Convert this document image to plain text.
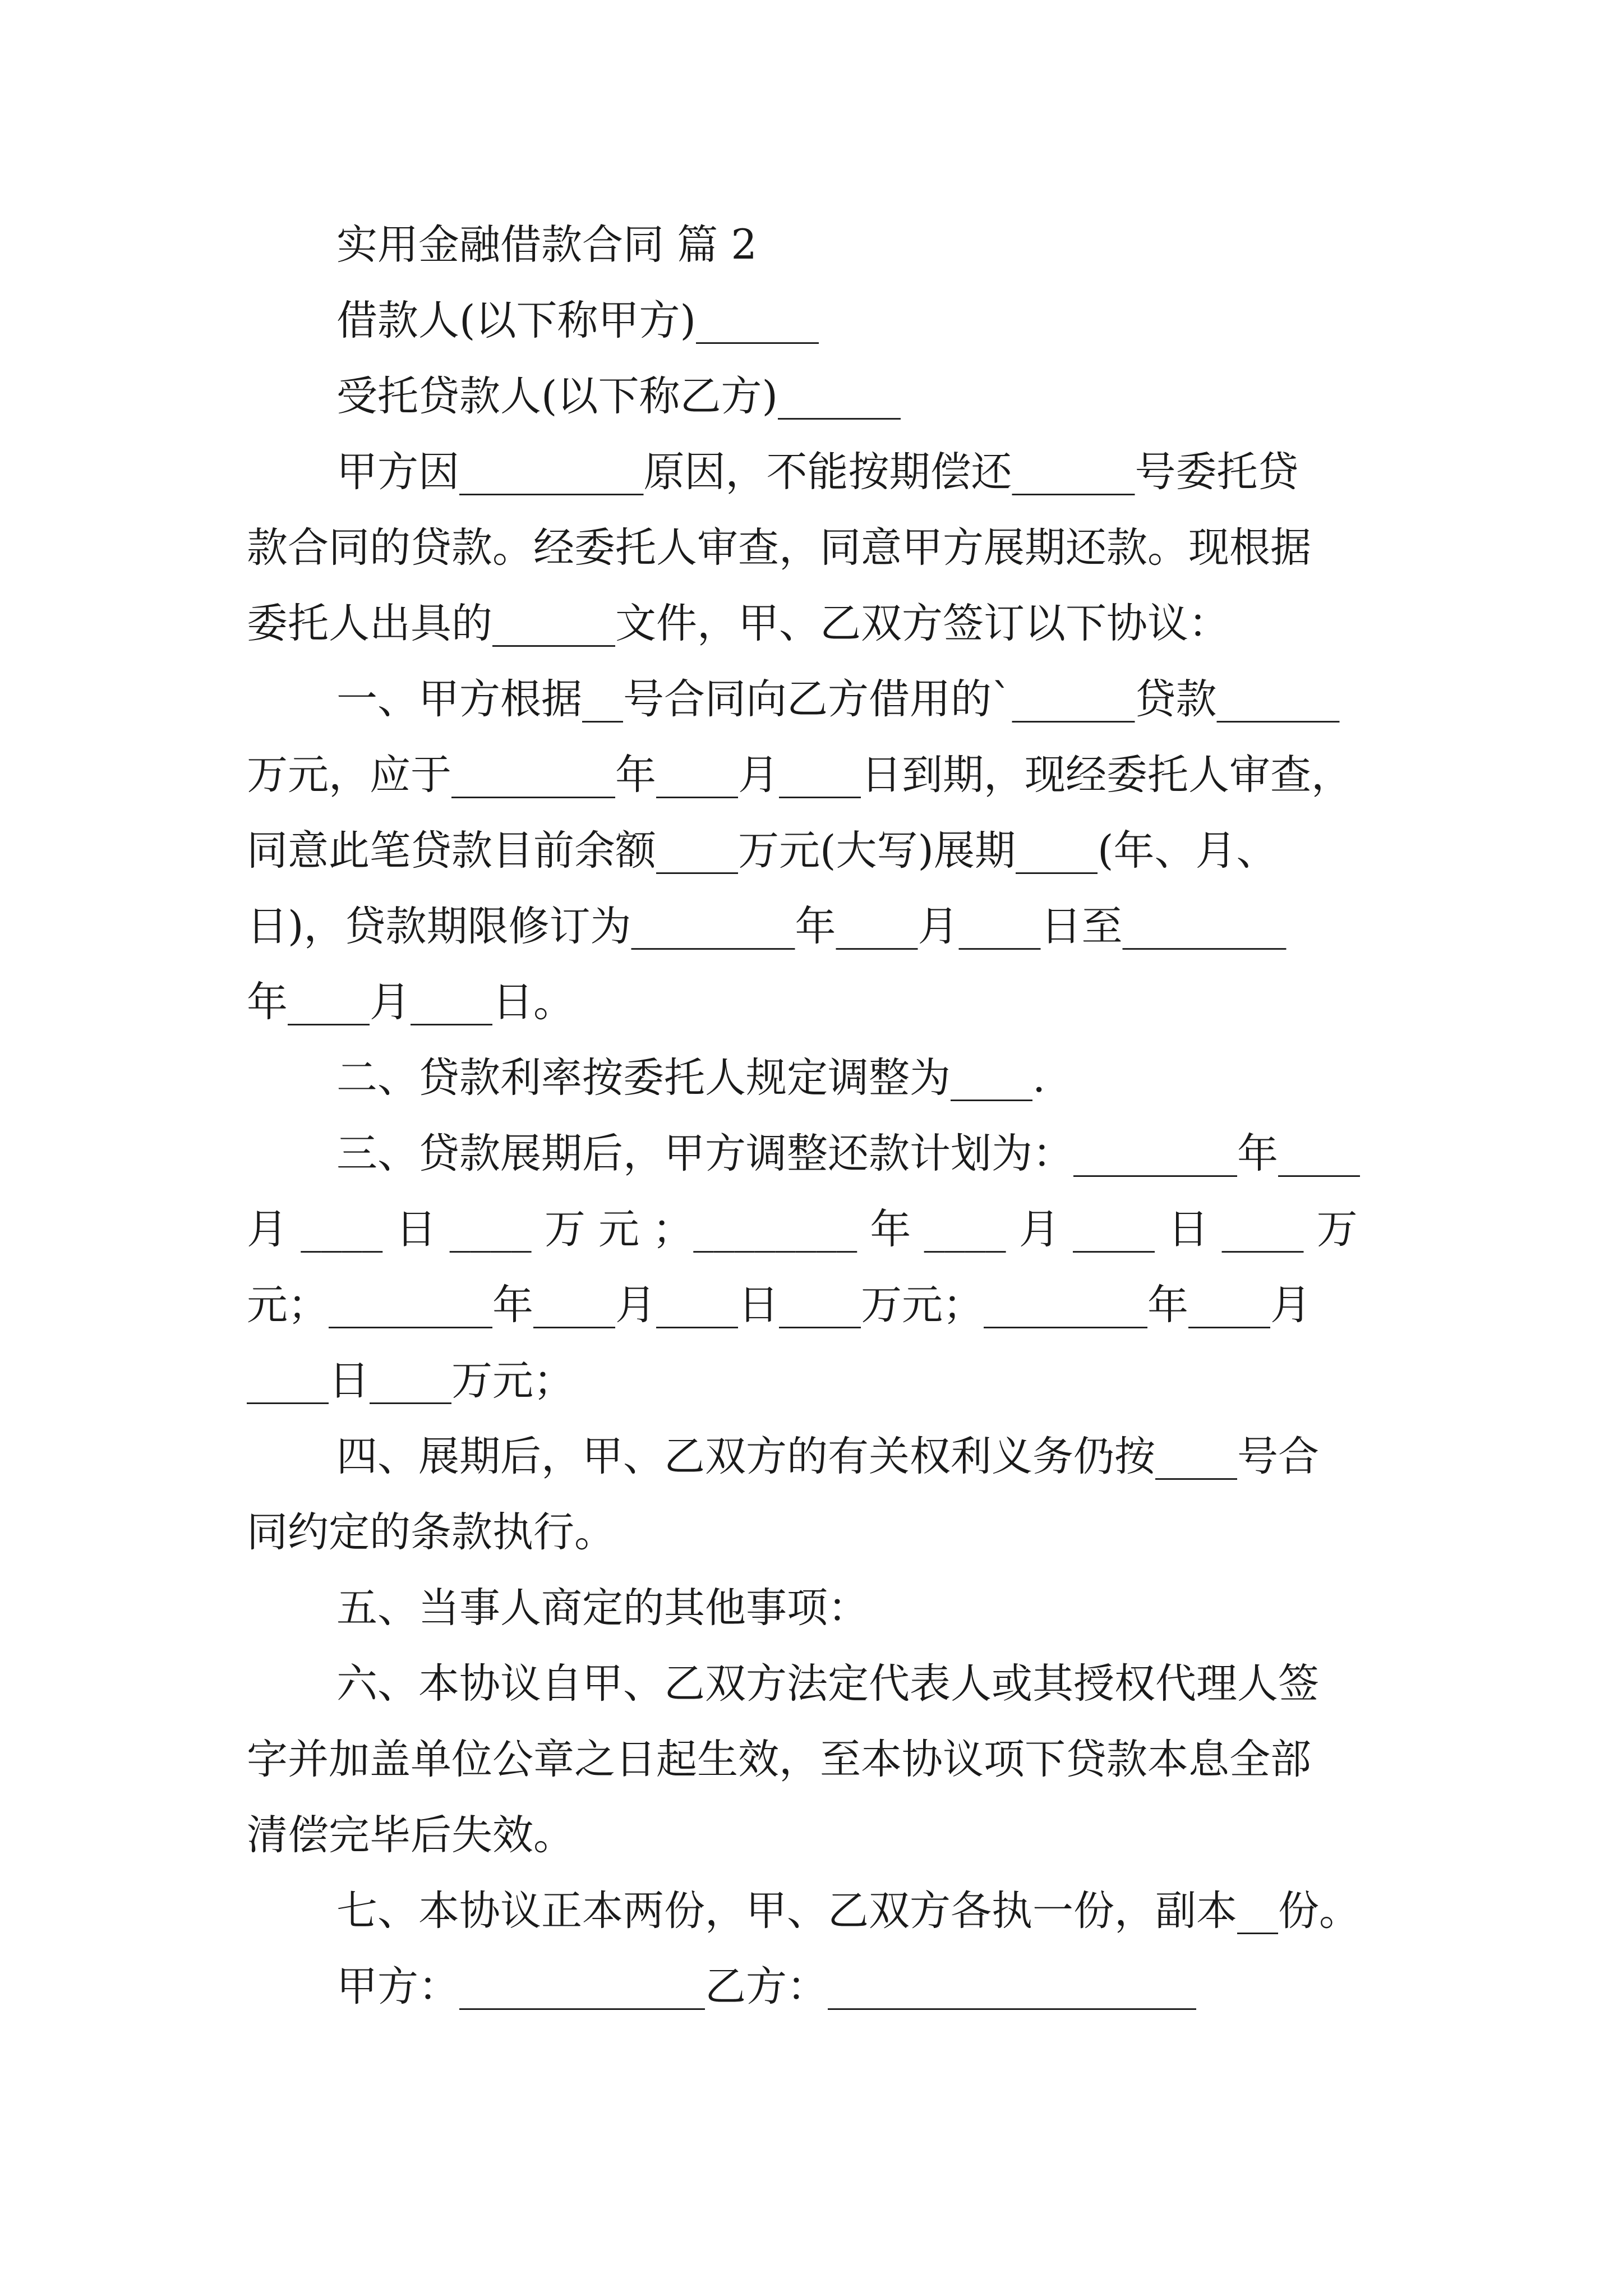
实用金融借款合同 篇 2
借款人(以下称甲方)______
受托贷款人(以下称乙方)______
甲方因_________原因，不能按期偿还______号委托贷
款合同的贷款。经委托人审查，同意甲方展期还款。现根据
委托人出具的______文件，甲、乙双方签订以下协议：
一、甲方根据__号合同向乙方借用的`______贷款______
万元，应于________年____月____日到期，现经委托人审查，
同意此笔贷款目前余额____万元(大写)展期____(年、月、
日)，贷款期限修订为________年____月____日至________
年____月____日。
二、贷款利率按委托人规定调整为____.
三、贷款展期后，甲方调整还款计划为：________年____
月 ____ 日 ____ 万 元 ；________ 年 ____ 月 ____ 日 ____ 万
元；________年____月____日____万元；________年____月
____日____万元；
四、展期后，甲、乙双方的有关权利义务仍按____号合
同约定的条款执行。
五、当事人商定的其他事项：
六、本协议自甲、乙双方法定代表人或其授权代理人签
字并加盖单位公章之日起生效，至本协议项下贷款本息全部
清偿完毕后失效。
七、本协议正本两份，甲、乙双方各执一份，副本__份。
甲方：____________乙方：__________________
